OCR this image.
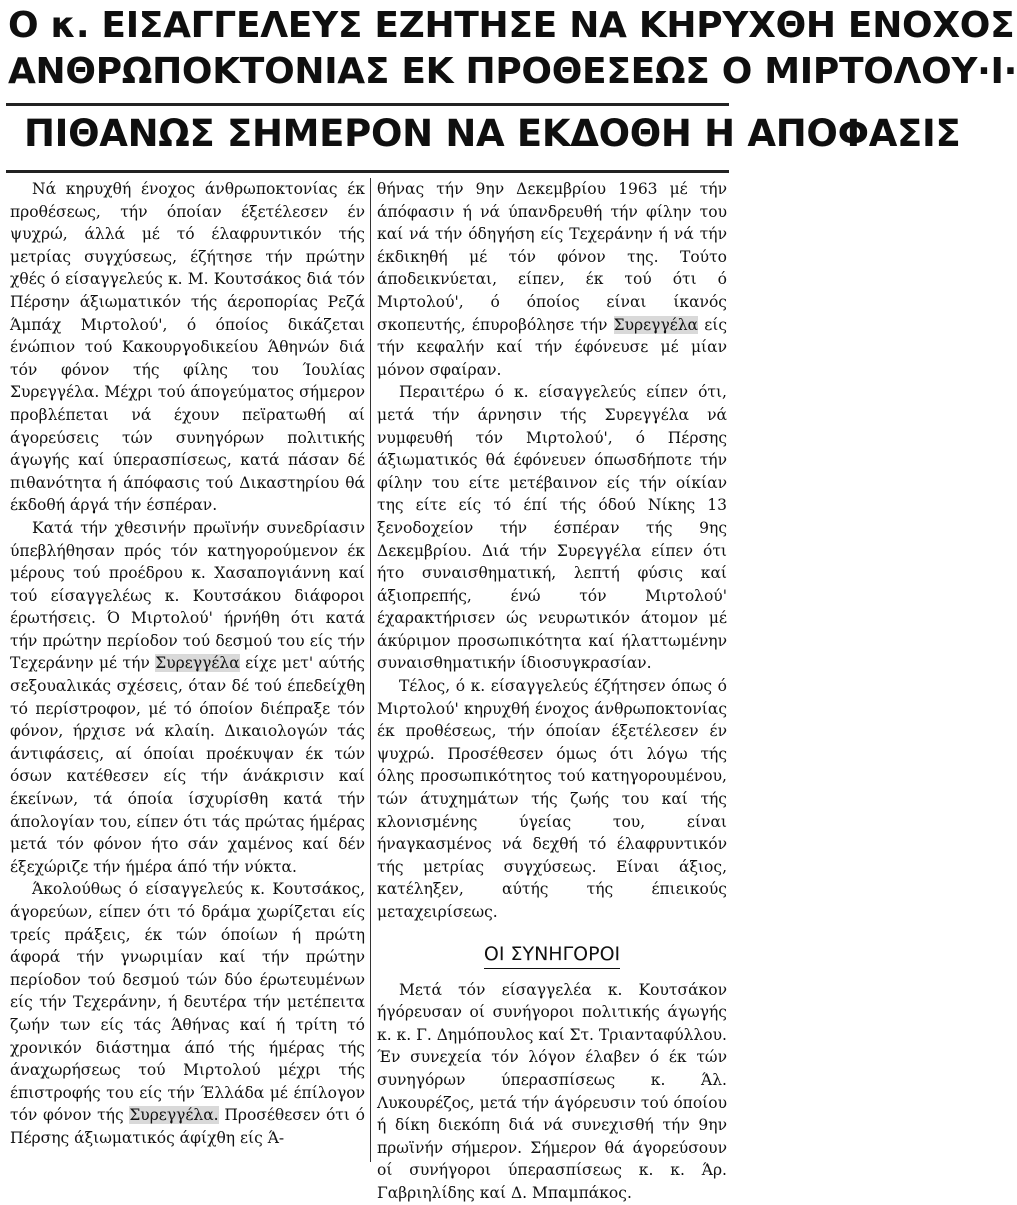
Ο κ. ΕΙΣΑΓΓΕΛΕΥΣ ΕΖΗΤΗΣΕ ΝΑ ΚΗΡΥΧΘΗ ΕΝΟΧΟΣ
ΑΝΘΡΩΠΟΚΤΟΝΙΑΣ ΕΚ ΠΡΟΘΕΣΕΩΣ Ο ΜΙΡΤΟΛΟΥ·Ι·
ΠΙΘΑΝΩΣ ΣΗΜΕΡΟΝ ΝΑ ΕΚΔΟΘΗ Η ΑΠΟΦΑΣΙΣ

Νά κηρυχθή ένοχος άνθρωποκτονίας έκ προθέσεως, τήν όποίαν έξετέλεσεν έν ψυχρώ, άλλά μέ τό έλαφρυντικόν τής μετρίας συγχύσεως, έζήτησε τήν πρώτην χθές ό είσαγγελεύς κ. Μ. Κουτσάκος διά τόν Πέρσην άξιωματικόν τής άεροπορίας Ρεζά Άμπάχ Μιρτολού', ό όποίος δικάζεται ένώπιον τού Κακουργοδικείου Άθηνών διά τόν φόνον τής φίλης του Ίουλίας Συρεγγέλα. Μέχρι τού άπογεύματος σήμερον προβλέπεται νά έχουν πεϊρατωθή αί άγορεύσεις τών συνηγόρων πολιτικής άγωγής καί ύπερασπίσεως, κατά πάσαν δέ πιθανότητα ή άπόφασις τού Δικαστηρίου θά έκδοθή άργά τήν έσπέραν.

Κατά τήν χθεσινήν πρωϊνήν συνεδρίασιν ύπεβλήθησαν πρός τόν κατηγορούμενον έκ μέρους τού προέδρου κ. Χασαπογιάννη καί τού είσαγγελέως κ. Κουτσάκου διάφοροι έρωτήσεις. Ό Μιρτολού' ήρνήθη ότι κατά τήν πρώτην περίοδον τού δεσμού του είς τήν Τεχεράνην μέ τήν Συρεγγέλα είχε μετ' αύτής σεξουαλικάς σχέσεις, όταν δέ τού έπεδείχθη τό περίστροφον, μέ τό όποίον διέπραξε τόν φόνον, ήρχισε νά κλαίη. Δικαιολογών τάς άντιφάσεις, αί όποίαι προέκυψαν έκ τών όσων κατέθεσεν είς τήν άνάκρισιν καί έκείνων, τά όποία ίσχυρίσθη κατά τήν άπολογίαν του, είπεν ότι τάς πρώτας ήμέρας μετά τόν φόνον ήτο σάν χαμένος καί δέν έξεχώριζε τήν ήμέρα άπό τήν νύκτα.

Άκολούθως ό είσαγγελεύς κ. Κουτσάκος, άγορεύων, είπεν ότι τό δράμα χωρίζεται είς τρείς πράξεις, έκ τών όποίων ή πρώτη άφορά τήν γνωριμίαν καί τήν πρώτην περίοδον τού δεσμού τών δύο έρωτευμένων είς τήν Τεχεράνην, ή δευτέρα τήν μετέπειτα ζωήν των είς τάς Άθήνας καί ή τρίτη τό χρονικόν διάστημα άπό τής ήμέρας τής άναχωρήσεως τού Μιρτολού μέχρι τής έπιστροφής του είς τήν Έλλάδα μέ έπίλογον τόν φόνον τής Συρεγγέλα. Προσέθεσεν ότι ό Πέρσης άξιωματικός άφίχθη είς Ά-

θήνας τήν 9ην Δεκεμβρίου 1963 μέ τήν άπόφασιν ή νά ύπανδρευθή τήν φίλην του καί νά τήν όδηγήση είς Τεχεράνην ή νά τήν έκδικηθή μέ τόν φόνον της. Τούτο άποδεικνύεται, είπεν, έκ τού ότι ό Μιρτολού', ό όποίος είναι ίκανός σκοπευτής, έπυροβόλησε τήν Συρεγγέλα είς τήν κεφαλήν καί τήν έφόνευσε μέ μίαν μόνον σφαίραν.

Περαιτέρω ό κ. είσαγγελεύς είπεν ότι, μετά τήν άρνησιν τής Συρεγγέλα νά νυμφευθή τόν Μιρτολού', ό Πέρσης άξιωματικός θά έφόνευεν όπωσδήποτε τήν φίλην του είτε μετέβαινον είς τήν οίκίαν της είτε είς τό έπί τής όδού Νίκης 13 ξενοδοχείον τήν έσπέραν τής 9ης Δεκεμβρίου. Διά τήν Συρεγγέλα είπεν ότι ήτο συναισθηματική, λεπτή φύσις καί άξιοπρεπής, ένώ τόν Μιρτολού' έχαρακτήρισεν ώς νευρωτικόν άτομον μέ άκύριμον προσωπικότητα καί ήλαττωμένην συναισθηματικήν ίδιοσυγκρασίαν.

Τέλος, ό κ. είσαγγελεύς έζήτησεν όπως ό Μιρτολού' κηρυχθή ένοχος άνθρωποκτονίας έκ προθέσεως, τήν όποίαν έξετέλεσεν έν ψυχρώ. Προσέθεσεν όμως ότι λόγω τής όλης προσωπικότητος τού κατηγορουμένου, τών άτυχημάτων τής ζωής του καί τής κλονισμένης ύγείας του, είναι ήναγκασμένος νά δεχθή τό έλαφρυντικόν τής μετρίας συγχύσεως. Είναι άξιος, κατέληξεν, αύτής τής έπιεικούς μεταχειρίσεως.

ΟΙ ΣΥΝΗΓΟΡΟΙ

Μετά τόν είσαγγελέα κ. Κουτσάκον ήγόρευσαν οί συνήγοροι πολιτικής άγωγής κ. κ. Γ. Δημόπουλος καί Στ. Τριανταφύλλου. Έν συνεχεία τόν λόγον έλαβεν ό έκ τών συνηγόρων ύπερασπίσεως κ. Άλ. Λυκουρέζος, μετά τήν άγόρευσιν τού όποίου ή δίκη διεκόπη διά νά συνεχισθή τήν 9ην πρωϊνήν σήμερον. Σήμερον θά άγορεύσουν οί συνήγοροι ύπερασπίσεως κ. κ. Άρ. Γαβριηλίδης καί Δ. Μπαμπάκος.
